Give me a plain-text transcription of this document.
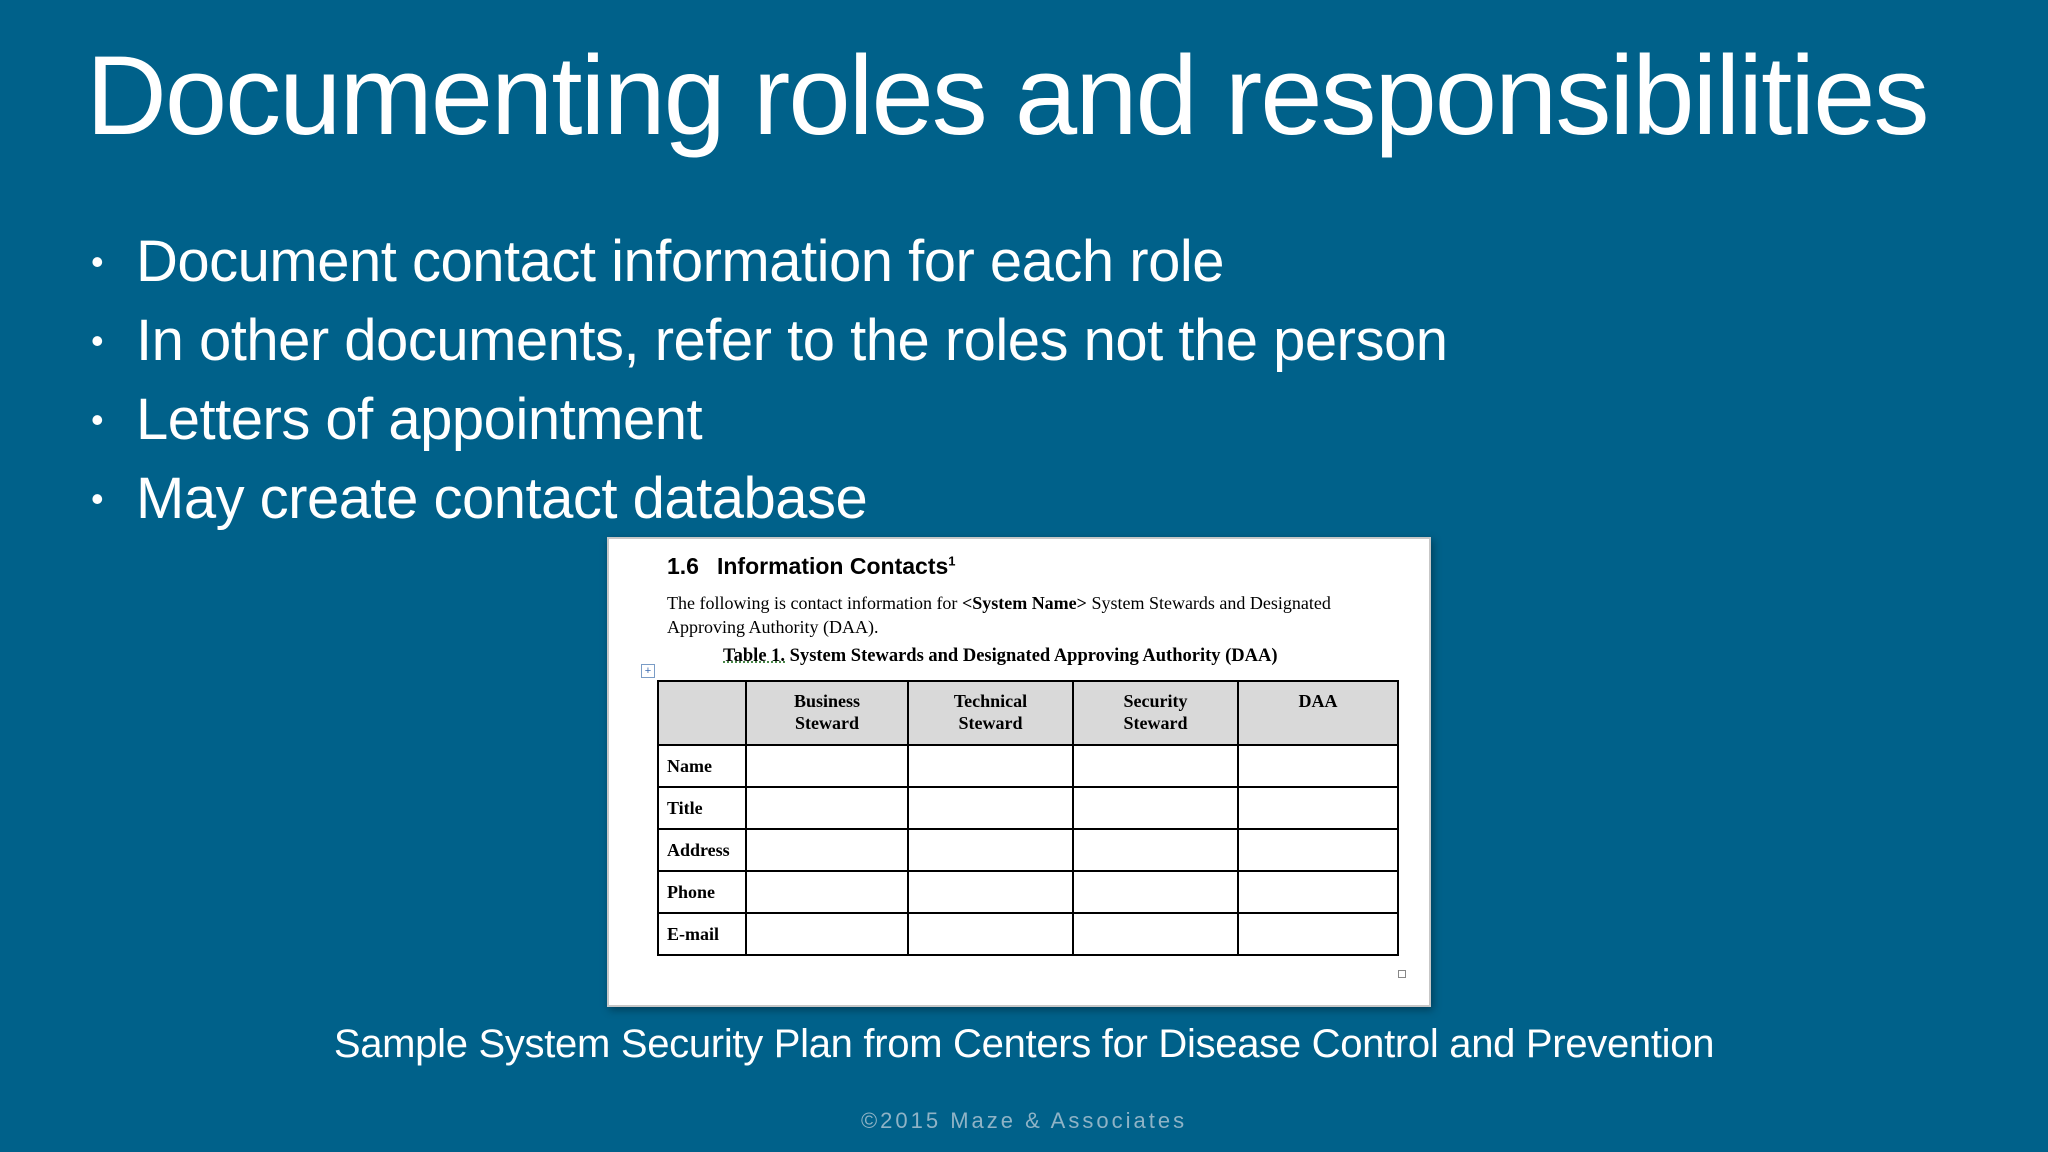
Documenting roles and responsibilities
• Document contact information for each role
• In other documents, refer to the roles not the person
• Letters of appointment
• May create contact database
1.6 Information Contacts$^1$
The following is contact information for <System Name> System Stewards and Designated Approving Authority (DAA).
Table 1. System Stewards and Designated Approving Authority (DAA)
+
	Business Steward	Technical Steward	Security Steward	DAA
Name				
Title				
Address				
Phone				
E-mail				
Sample System Security Plan from Centers for Disease Control and Prevention
©2015 Maze & Associates
